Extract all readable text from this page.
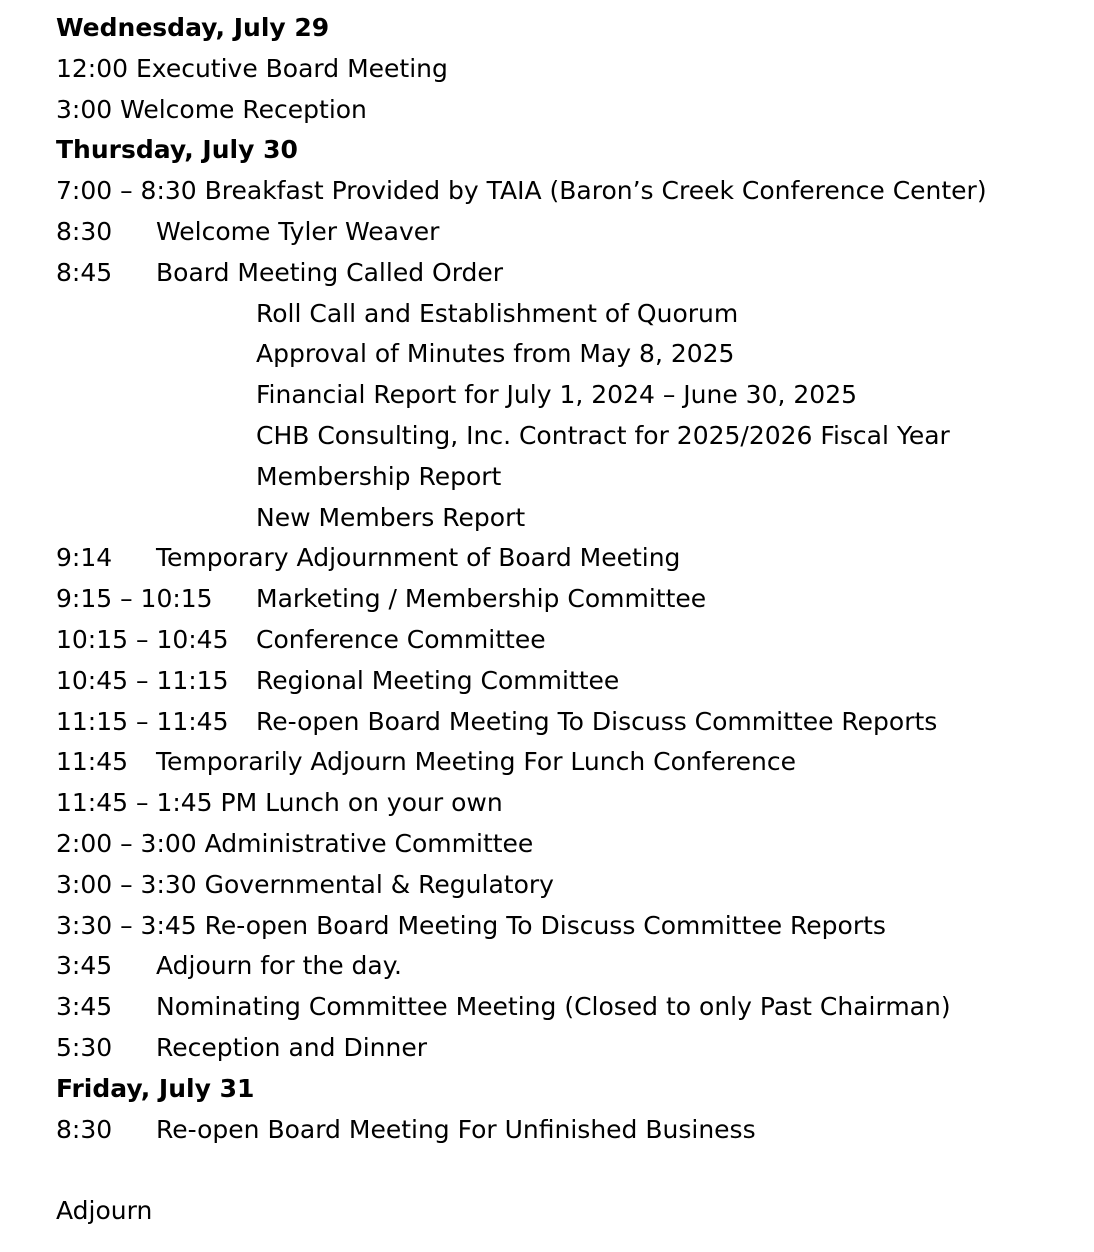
Wednesday, July 29
12:00 Executive Board Meeting
3:00 Welcome Reception
Thursday, July 30
7:00 – 8:30 Breakfast Provided by TAIA (Baron’s Creek Conference Center)
8:30	Welcome Tyler Weaver
8:45	Board Meeting Called Order
Roll Call and Establishment of Quorum
Approval of Minutes from May 8, 2025
Financial Report for July 1, 2024 – June 30, 2025
CHB Consulting, Inc. Contract for 2025/2026 Fiscal Year
Membership Report
New Members Report
9:14	Temporary Adjournment of Board Meeting
9:15 – 10:15	Marketing / Membership Committee
10:15 – 10:45	Conference Committee
10:45 – 11:15	Regional Meeting Committee
11:15 – 11:45	Re-open Board Meeting To Discuss Committee Reports
11:45	Temporarily Adjourn Meeting For Lunch Conference
11:45 – 1:45 PM Lunch on your own
2:00 – 3:00 Administrative Committee
3:00 – 3:30 Governmental & Regulatory
3:30 – 3:45 Re-open Board Meeting To Discuss Committee Reports
3:45	Adjourn for the day.
3:45	Nominating Committee Meeting (Closed to only Past Chairman)
5:30	Reception and Dinner
Friday, July 31
8:30	Re-open Board Meeting For Unfinished Business
Adjourn
